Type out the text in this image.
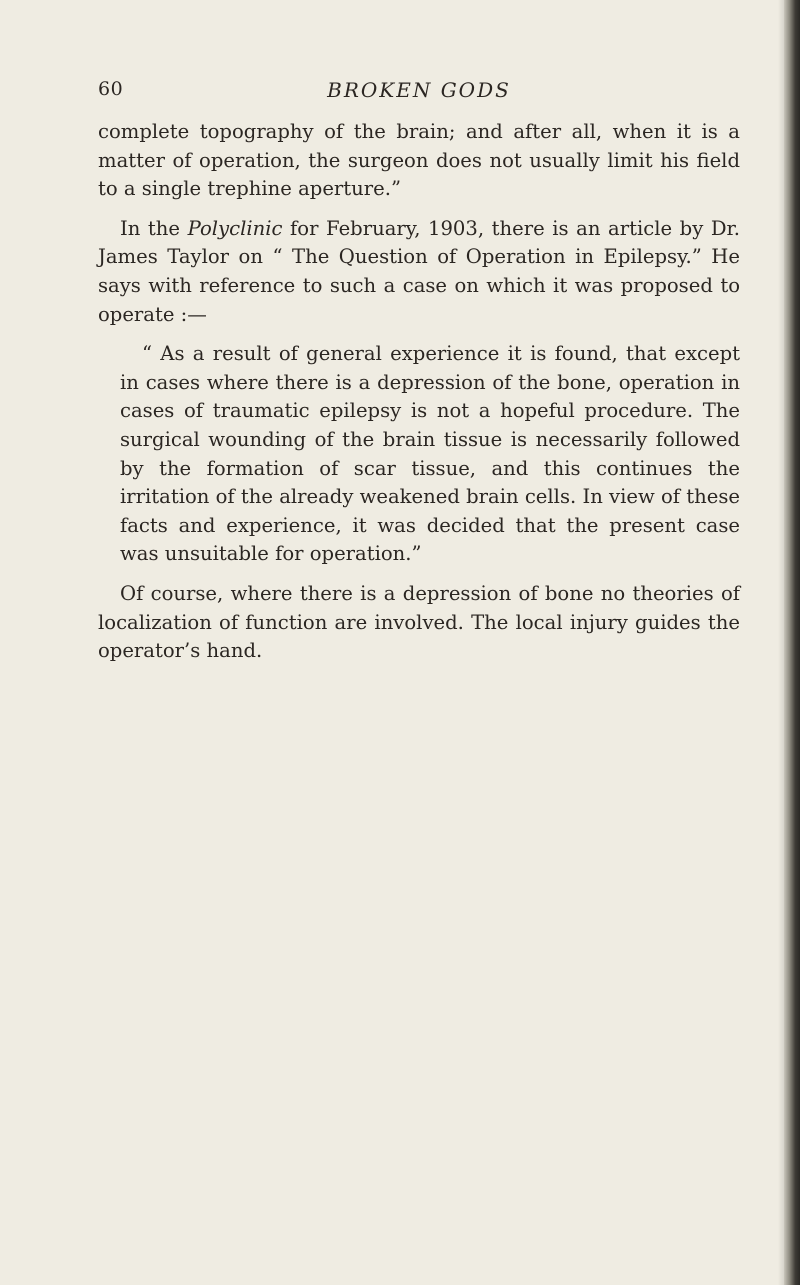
60	BROKEN GODS

complete topography of the brain; and after all, when it is a matter of operation, the surgeon does not usually limit his field to a single trephine aperture.”

In the Polyclinic for February, 1903, there is an article by Dr. James Taylor on “ The Question of Operation in Epilepsy.” He says with reference to such a case on which it was proposed to operate :—

“ As a result of general experience it is found, that except in cases where there is a depression of the bone, operation in cases of traumatic epilepsy is not a hopeful procedure. The surgical wounding of the brain tissue is necessarily followed by the formation of scar tissue, and this continues the irritation of the already weakened brain cells. In view of these facts and experience, it was decided that the present case was unsuitable for operation.”

Of course, where there is a depression of bone no theories of localization of function are involved. The local injury guides the operator’s hand.
